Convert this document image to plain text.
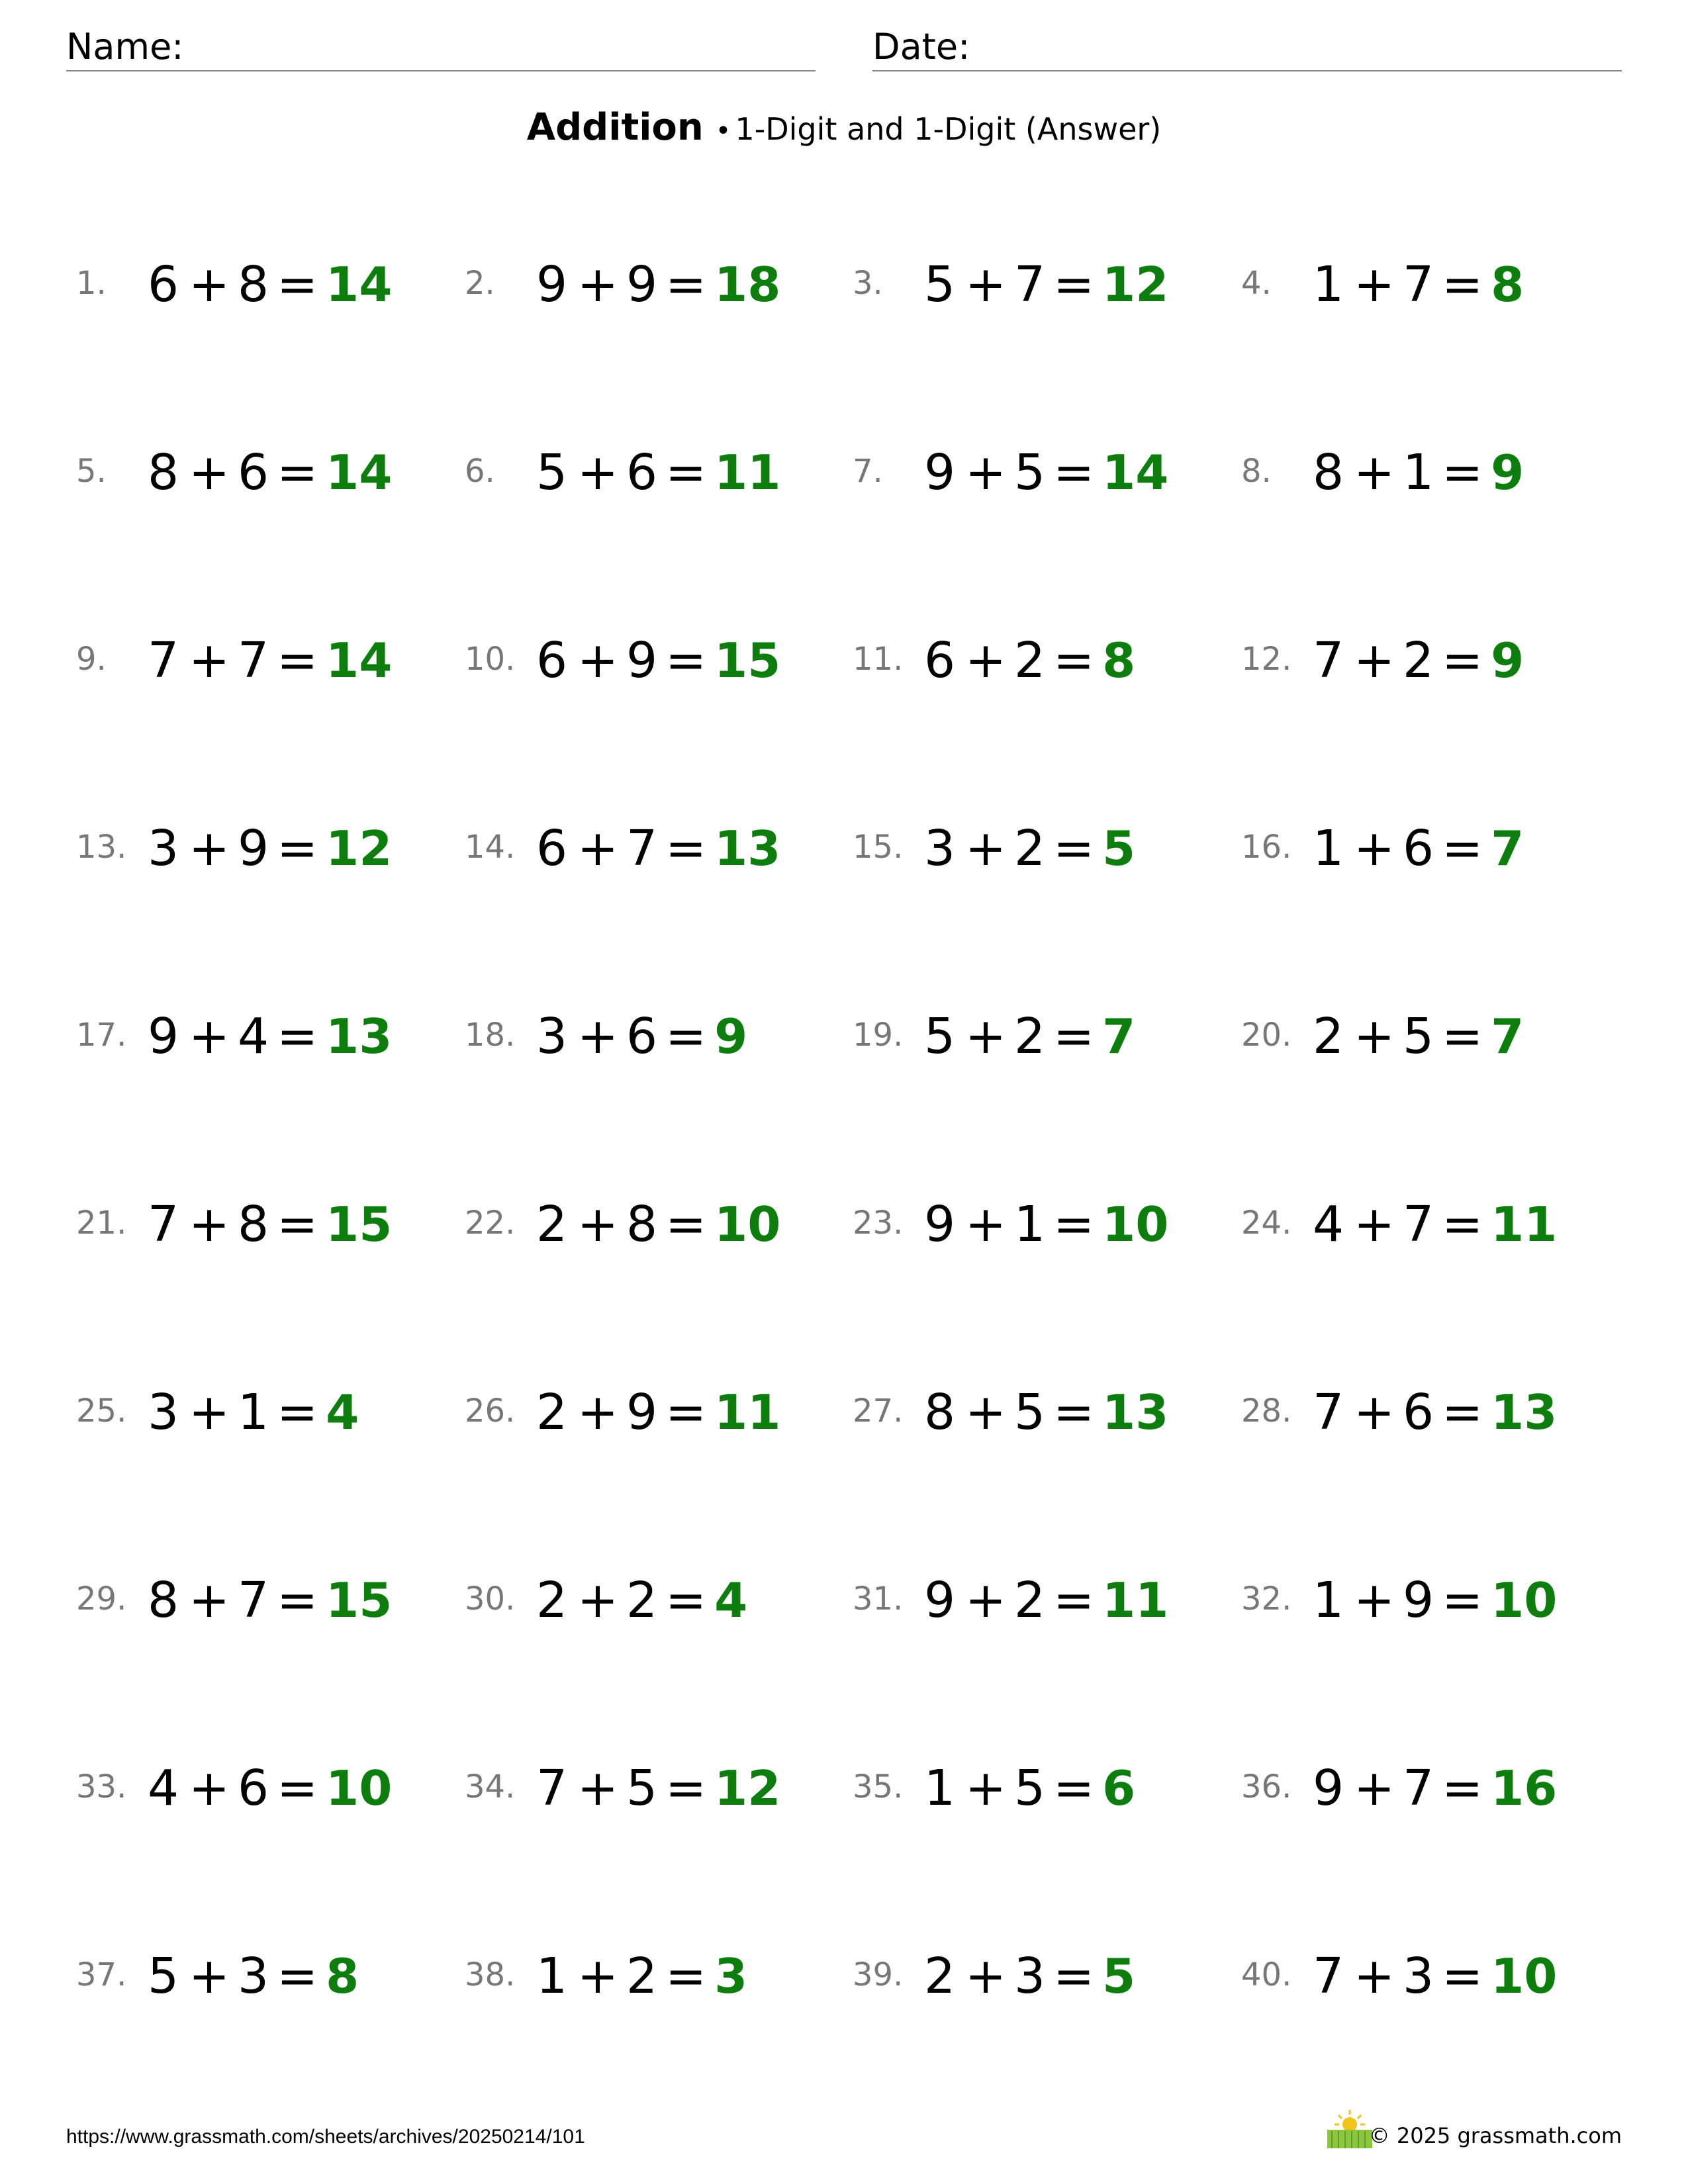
Name:	Date:
Addition • 1-Digit and 1-Digit (Answer)
1. 6 + 8 = 14 2. 9 + 9 = 18 3. 5 + 7 = 12 4. 1 + 7 = 8
5. 8 + 6 = 14 6. 5 + 6 = 11 7. 9 + 5 = 14 8. 8 + 1 = 9
9. 7 + 7 = 14 10. 6 + 9 = 15 11. 6 + 2 = 8	12. 7 + 2 = 9
13. 3 + 9 = 12 14. 6 + 7 = 13 15. 3 + 2 = 5	16. 1 + 6 = 7
17. 9 + 4 = 13 18. 3 + 6 = 9	19. 5 + 2 = 7	20. 2 + 5 = 7
21. 7 + 8 = 15 22. 2 + 8 = 10 23. 9 + 1 = 10 24. 4 + 7 = 11
25. 3 + 1 = 4	26. 2 + 9 = 11 27. 8 + 5 = 13 28. 7 + 6 = 13
29. 8 + 7 = 15 30. 2 + 2 = 4	31. 9 + 2 = 11 32. 1 + 9 = 10
33. 4 + 6 = 10 34. 7 + 5 = 12 35. 1 + 5 = 6	36. 9 + 7 = 16
37. 5 + 3 = 8	38. 1 + 2 = 3	39. 2 + 3 = 5	40. 7 + 3 = 10
https://www.grassmath.com/sheets/archives/20250214/101	© 2025 grassmath.com
